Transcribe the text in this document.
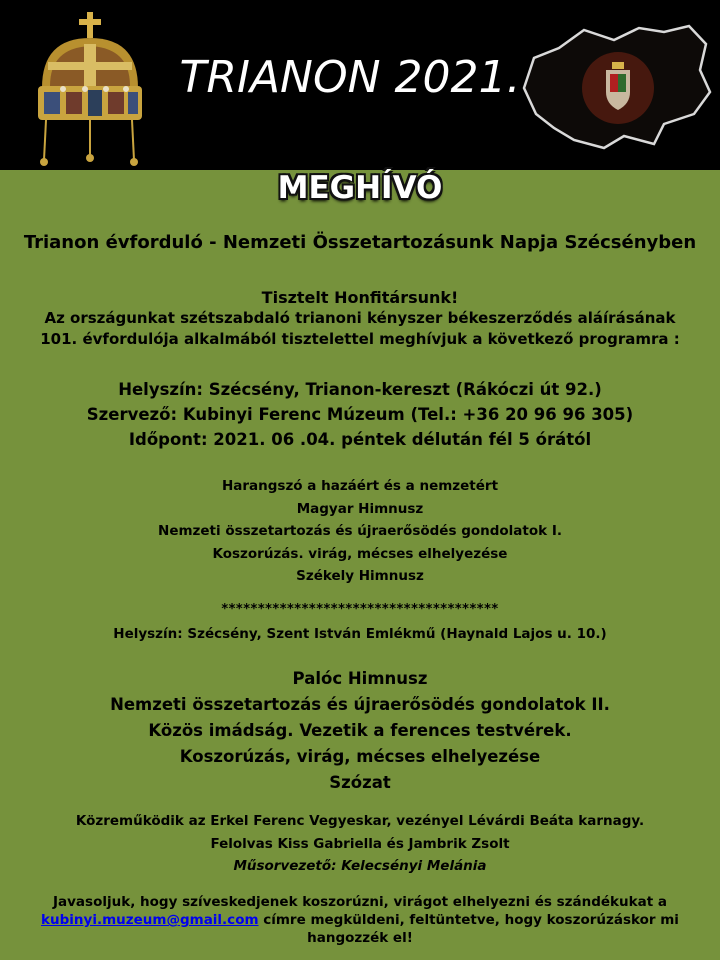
TRIANON 2021.
MEGHÍVÓ
Trianon évforduló - Nemzeti Összetartozásunk Napja Szécsényben
Tisztelt Honfitársunk!
Az országunkat szétszabdaló trianoni kényszer békeszerződés aláírásának
101. évfordulója alkalmából tisztelettel meghívjuk a következő programra :
Helyszín: Szécsény, Trianon-kereszt (Rákóczi út 92.)
Szervező: Kubinyi Ferenc Múzeum (Tel.: +36 20 96 96 305)
Időpont: 2021. 06 .04. péntek délután fél 5 órától
Harangszó a hazáért és a nemzetért
Magyar Himnusz
Nemzeti összetartozás és újraerősödés gondolatok I.
Koszorúzás. virág, mécses elhelyezése
Székely Himnusz
**************************************
Helyszín: Szécsény, Szent István Emlékmű (Haynald Lajos u. 10.)
Palóc Himnusz
Nemzeti összetartozás és újraerősödés gondolatok II.
Közös imádság. Vezetik a ferences testvérek.
Koszorúzás, virág, mécses elhelyezése
Szózat
Közreműködik az Erkel Ferenc Vegyeskar, vezényel Lévárdi Beáta karnagy.
Felolvas Kiss Gabriella és Jambrik Zsolt
Műsorvezető: Kelecsényi Melánia
Javasoljuk, hogy szíveskedjenek koszorúzni, virágot elhelyezni és szándékukat a
kubinyi.muzeum@gmail.com címre megküldeni, feltüntetve, hogy koszorúzáskor mi
hangozzék el!
